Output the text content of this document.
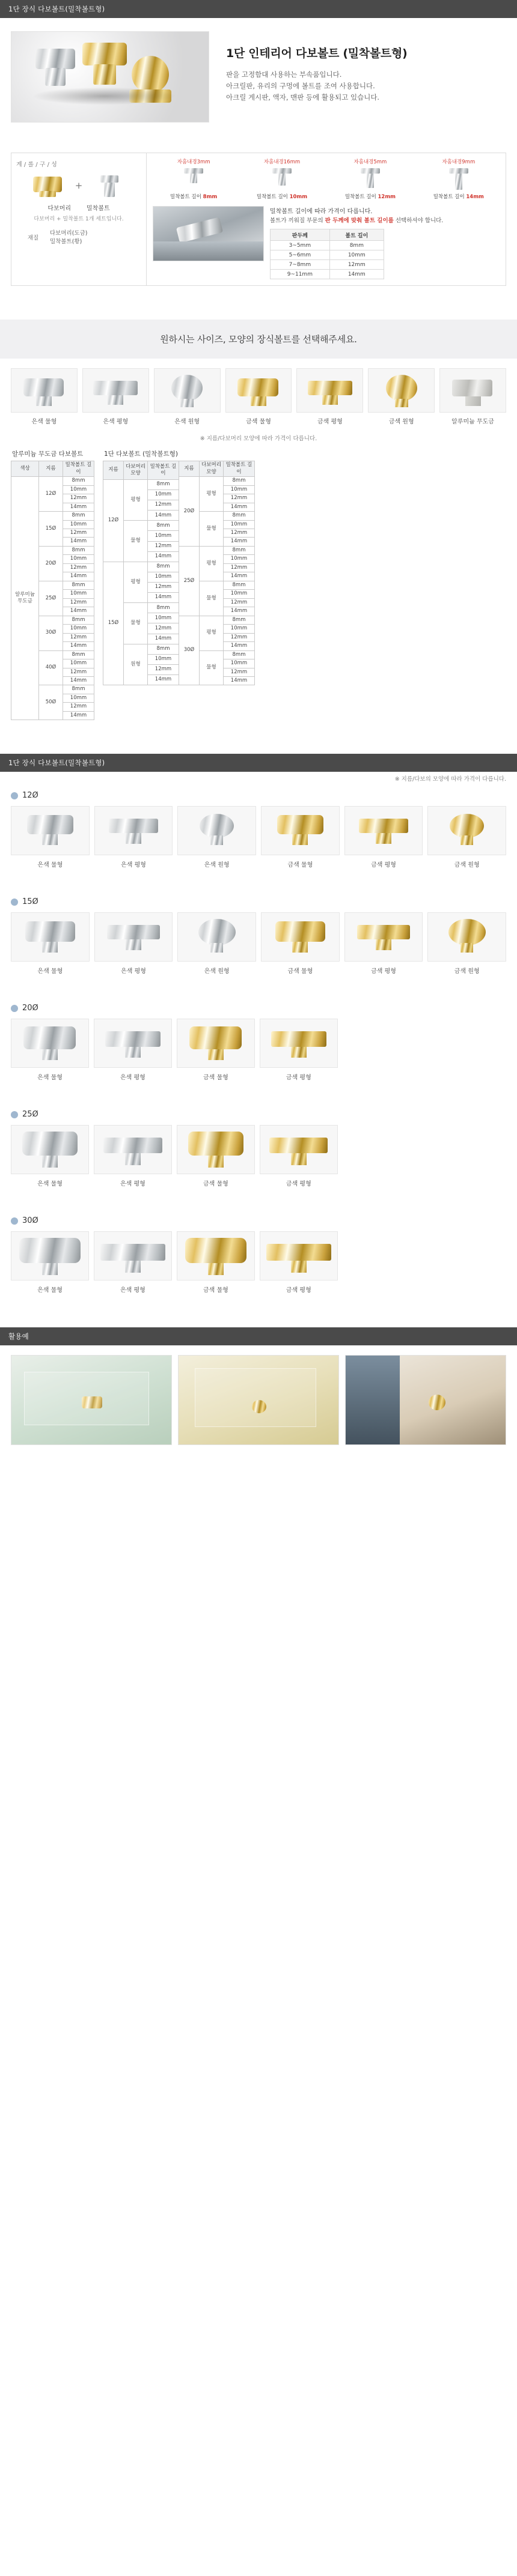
1단 장식 다보볼트(밀착볼트형)
1단 인테리어 다보볼트 (밀착볼트형)
판을 고정함대 사용하는 부속품입니다.
아크릴판, 유리의 구멍에 볼트를 조여 사용합니다.
아크릴 게시판, 액자, 맨판 등에 활용되고 있습니다.
계 / 롤 / 구 / 성
+
다보머리	밀착볼트
다보머리 + 밀착볼트 1개 세트입니다.
재질
다보머리(도금)
밀착볼트(황)
자홈내경3mm
밀착볼트 길이 8mm
자홈내경16mm
밀착볼트 길이 10mm
자홈내경5mm
밀착볼트 길이 12mm
자홈내경9mm
밀착볼트 길이 14mm
밀착볼트 길이에 따라 가격이 다릅니다.
볼트가 끼워질 부문의 판 두께에 맞춰 볼트 길이를 선택하셔야 합니다.
판두께	볼트 길이
3~5mm	8mm
5~6mm	10mm
7~8mm	12mm
9~11mm	14mm
원하시는 사이즈, 모양의 장식볼트를 선택해주세요.
은색 물형	은색 평형	은색 원형	금색 물형	금색 평형	금색 원형	알루미늄 무도금
※ 지름/다보머리 모양에 따라 가격이 다릅니다.
알루미늄 무도금 다보볼트
색상	지름	밀착볼트 길이
알루미늄 무도금	12Ø	8mm
		10mm
		12mm
		14mm
	15Ø	8mm
		10mm
		12mm
		14mm
	20Ø	8mm
		10mm
		12mm
		14mm
	25Ø	8mm
		10mm
		12mm
		14mm
	30Ø	8mm
		10mm
		12mm
		14mm
	40Ø	8mm
		10mm
		12mm
		14mm
	50Ø	8mm
		10mm
		12mm
		14mm
1단 다보볼트 (밀착볼트형)
지름	다보머리 모양	밀착볼트 길이
12Ø	평형	8mm
		10mm
		12mm
		14mm
	물형	8mm
		10mm
		12mm
		14mm
15Ø	평형	8mm
		10mm
		12mm
		14mm
	물형	8mm
		10mm
		12mm
		14mm
	원형	8mm
		10mm
		12mm
		14mm
지름	다보머리 모양	밀착볼트 길이
20Ø	평형	8mm
		10mm
		12mm
		14mm
	물형	8mm
		10mm
		12mm
		14mm
25Ø	평형	8mm
		10mm
		12mm
		14mm
	물형	8mm
		10mm
		12mm
		14mm
30Ø	평형	8mm
		10mm
		12mm
		14mm
	물형	8mm
		10mm
		12mm
		14mm
1단 장식 다보볼트(밀착볼트형)
※ 지름/다보의 모양에 따라 가격이 다릅니다.
12Ø
은색 물형	은색 평형	은색 원형	금색 물형	금색 평형	금색 원형
15Ø
은색 물형	은색 평형	은색 원형	금색 물형	금색 평형	금색 원형
20Ø
은색 물형	은색 평형	금색 물형	금색 평형
25Ø
은색 물형	은색 평형	금색 물형	금색 평형
30Ø
은색 물형	은색 평형	금색 물형	금색 평형
활용예
